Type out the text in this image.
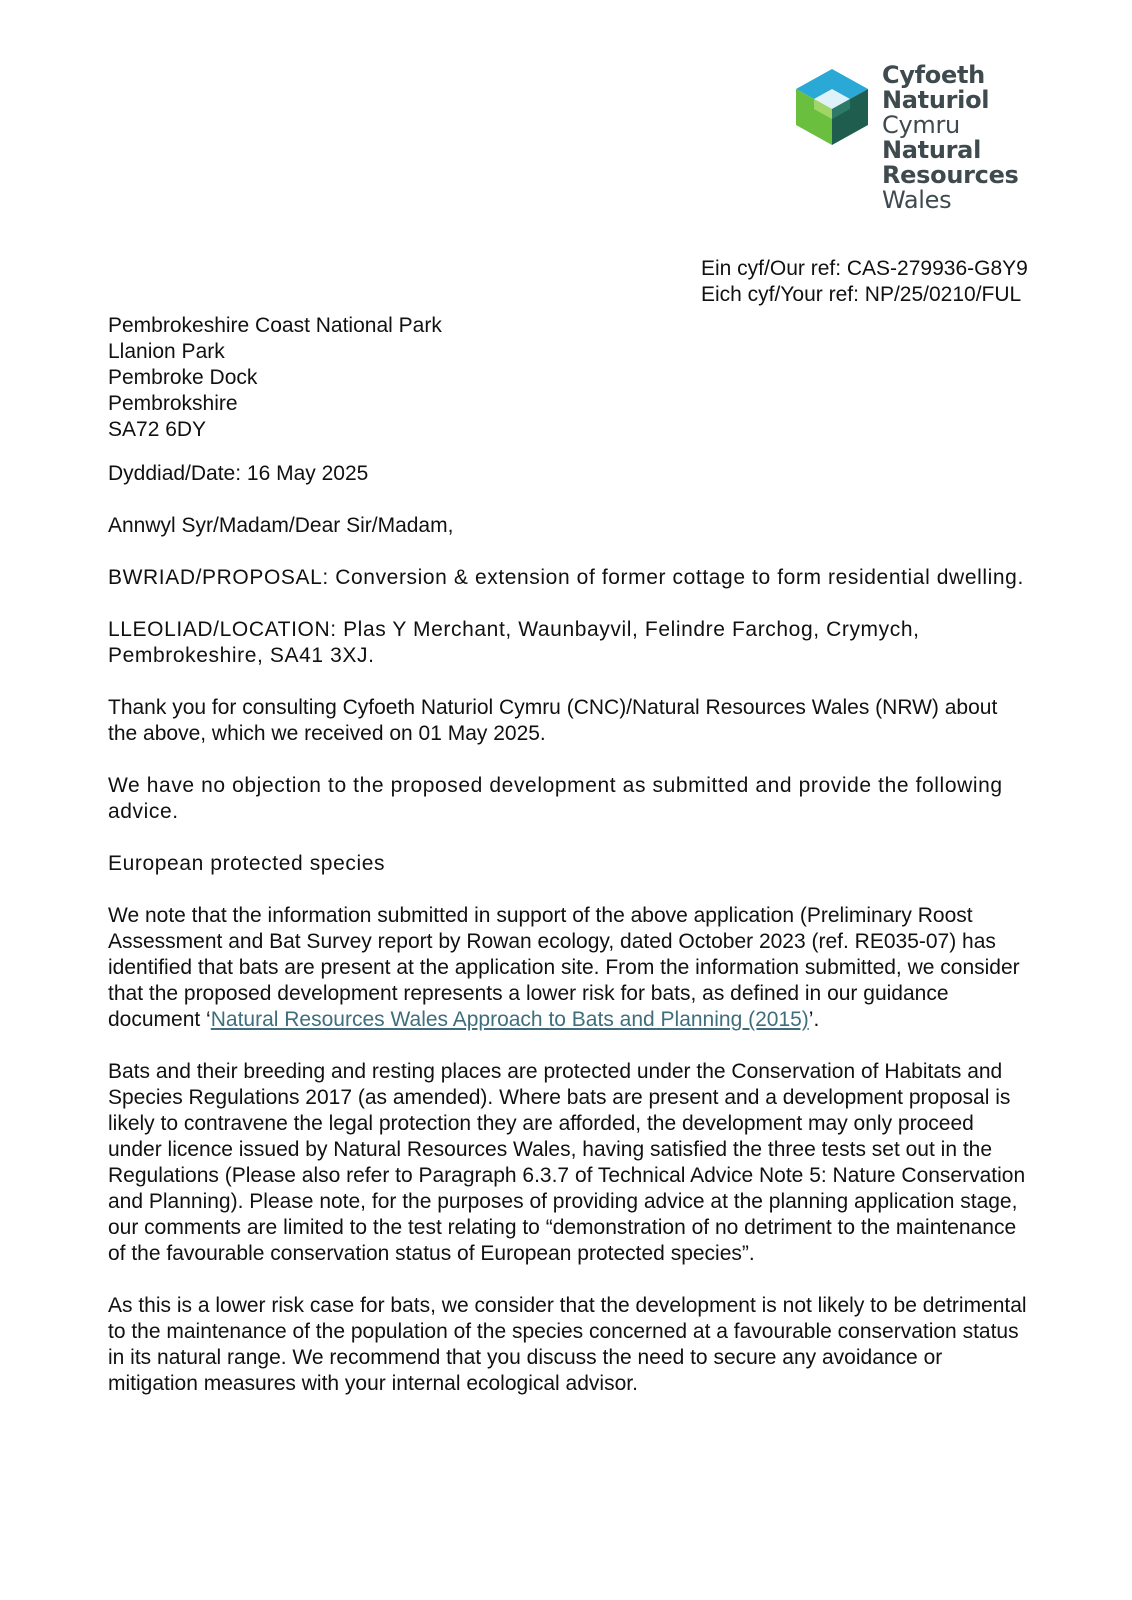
Cyfoeth
Naturiol
Cymru
Natural
Resources
Wales
Ein cyf/Our ref: CAS-279936-G8Y9
Eich cyf/Your ref: NP/25/0210/FUL
Pembrokeshire Coast National Park
Llanion Park
Pembroke Dock
Pembrokshire
SA72 6DY

Dyddiad/Date: 16 May 2025

Annwyl Syr/Madam/Dear Sir/Madam,

BWRIAD/PROPOSAL: Conversion & extension of former cottage to form residential dwelling.

LLEOLIAD/LOCATION: Plas Y Merchant, Waunbayvil, Felindre Farchog, Crymych, Pembrokeshire, SA41 3XJ.

Thank you for consulting Cyfoeth Naturiol Cymru (CNC)/Natural Resources Wales (NRW) about the above, which we received on 01 May 2025.

We have no objection to the proposed development as submitted and provide the following advice.

European protected species

We note that the information submitted in support of the above application (Preliminary Roost Assessment and Bat Survey report by Rowan ecology, dated October 2023 (ref. RE035-07) has identified that bats are present at the application site. From the information submitted, we consider that the proposed development represents a lower risk for bats, as defined in our guidance document ‘Natural Resources Wales Approach to Bats and Planning (2015)’.

Bats and their breeding and resting places are protected under the Conservation of Habitats and Species Regulations 2017 (as amended). Where bats are present and a development proposal is likely to contravene the legal protection they are afforded, the development may only proceed under licence issued by Natural Resources Wales, having satisfied the three tests set out in the Regulations (Please also refer to Paragraph 6.3.7 of Technical Advice Note 5: Nature Conservation and Planning). Please note, for the purposes of providing advice at the planning application stage, our comments are limited to the test relating to “demonstration of no detriment to the maintenance of the favourable conservation status of European protected species”.

As this is a lower risk case for bats, we consider that the development is not likely to be detrimental to the maintenance of the population of the species concerned at a favourable conservation status in its natural range. We recommend that you discuss the need to secure any avoidance or mitigation measures with your internal ecological advisor.
